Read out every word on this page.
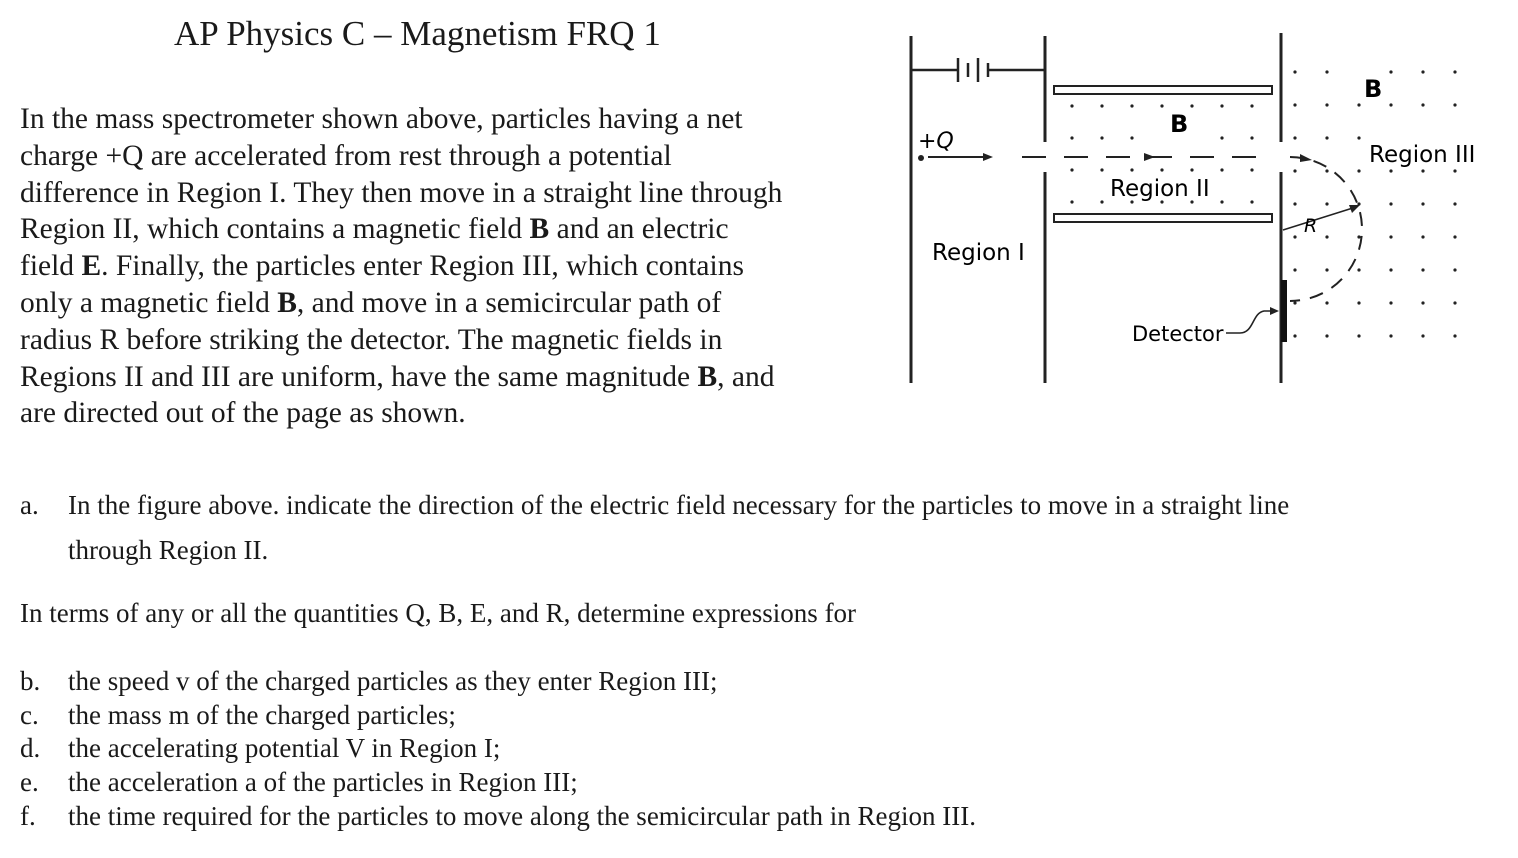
AP Physics C – Magnetism FRQ 1
In the mass spectrometer shown above, particles having a net
charge +Q are accelerated from rest through a potential
difference in Region I. They then move in a straight line through
Region II, which contains a magnetic field B and an electric
field E. Finally, the particles enter Region III, which contains
only a magnetic field B, and move in a semicircular path of
radius R before striking the detector. The magnetic fields in
Regions II and III are uniform, have the same magnitude B, and
are directed out of the page as shown.
+Q
R
Detector
Region I
Region II
Region III
B
B
a. In the figure above. indicate the direction of the electric field necessary for the particles to move in a straight line
through Region II.
In terms of any or all the quantities Q, B, E, and R, determine expressions for
b. the speed v of the charged particles as they enter Region III;
c. the mass m of the charged particles;
d. the accelerating potential V in Region I;
e. the acceleration a of the particles in Region III;
f. the time required for the particles to move along the semicircular path in Region III.
